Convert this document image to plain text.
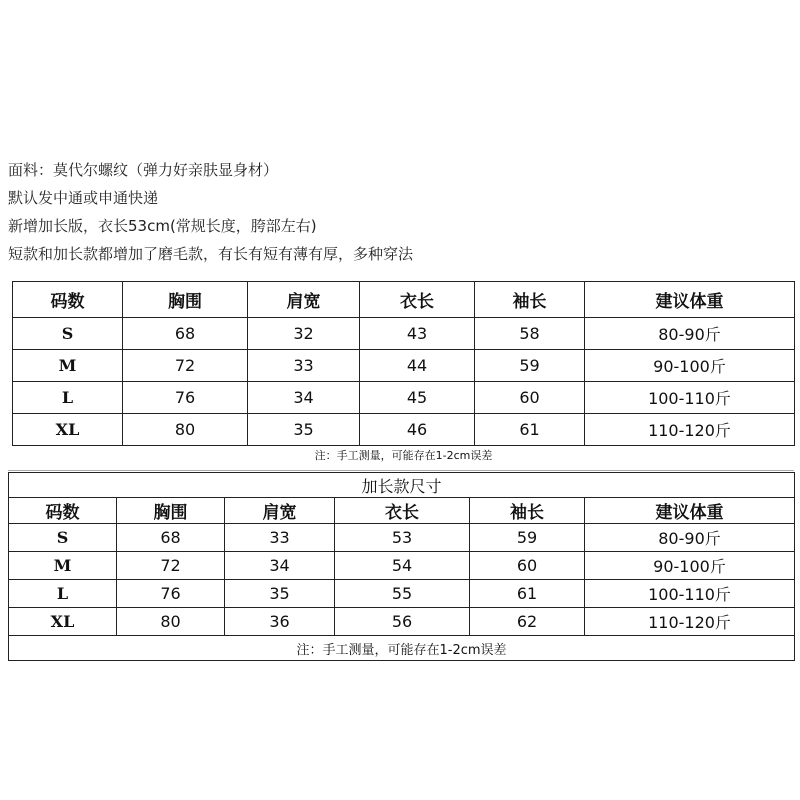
面料：莫代尔螺纹（弹力好亲肤显身材）
默认发中通或申通快递
新增加长版，衣长53cm(常规长度，胯部左右)
短款和加长款都增加了磨毛款，有长有短有薄有厚，多种穿法
码数	胸围	肩宽	衣长	袖长	建议体重
S	68	32	43	58	80-90斤
M	72	33	44	59	90-100斤
L	76	34	45	60	100-110斤
XL	80	35	46	61	110-120斤
注：手工测量，可能存在1-2cm误差					
加长款尺寸					
码数	胸围	肩宽	衣长	袖长	建议体重
S	68	33	53	59	80-90斤
M	72	34	54	60	90-100斤
L	76	35	55	61	100-110斤
XL	80	36	56	62	110-120斤
注：手工测量，可能存在1-2cm误差					
